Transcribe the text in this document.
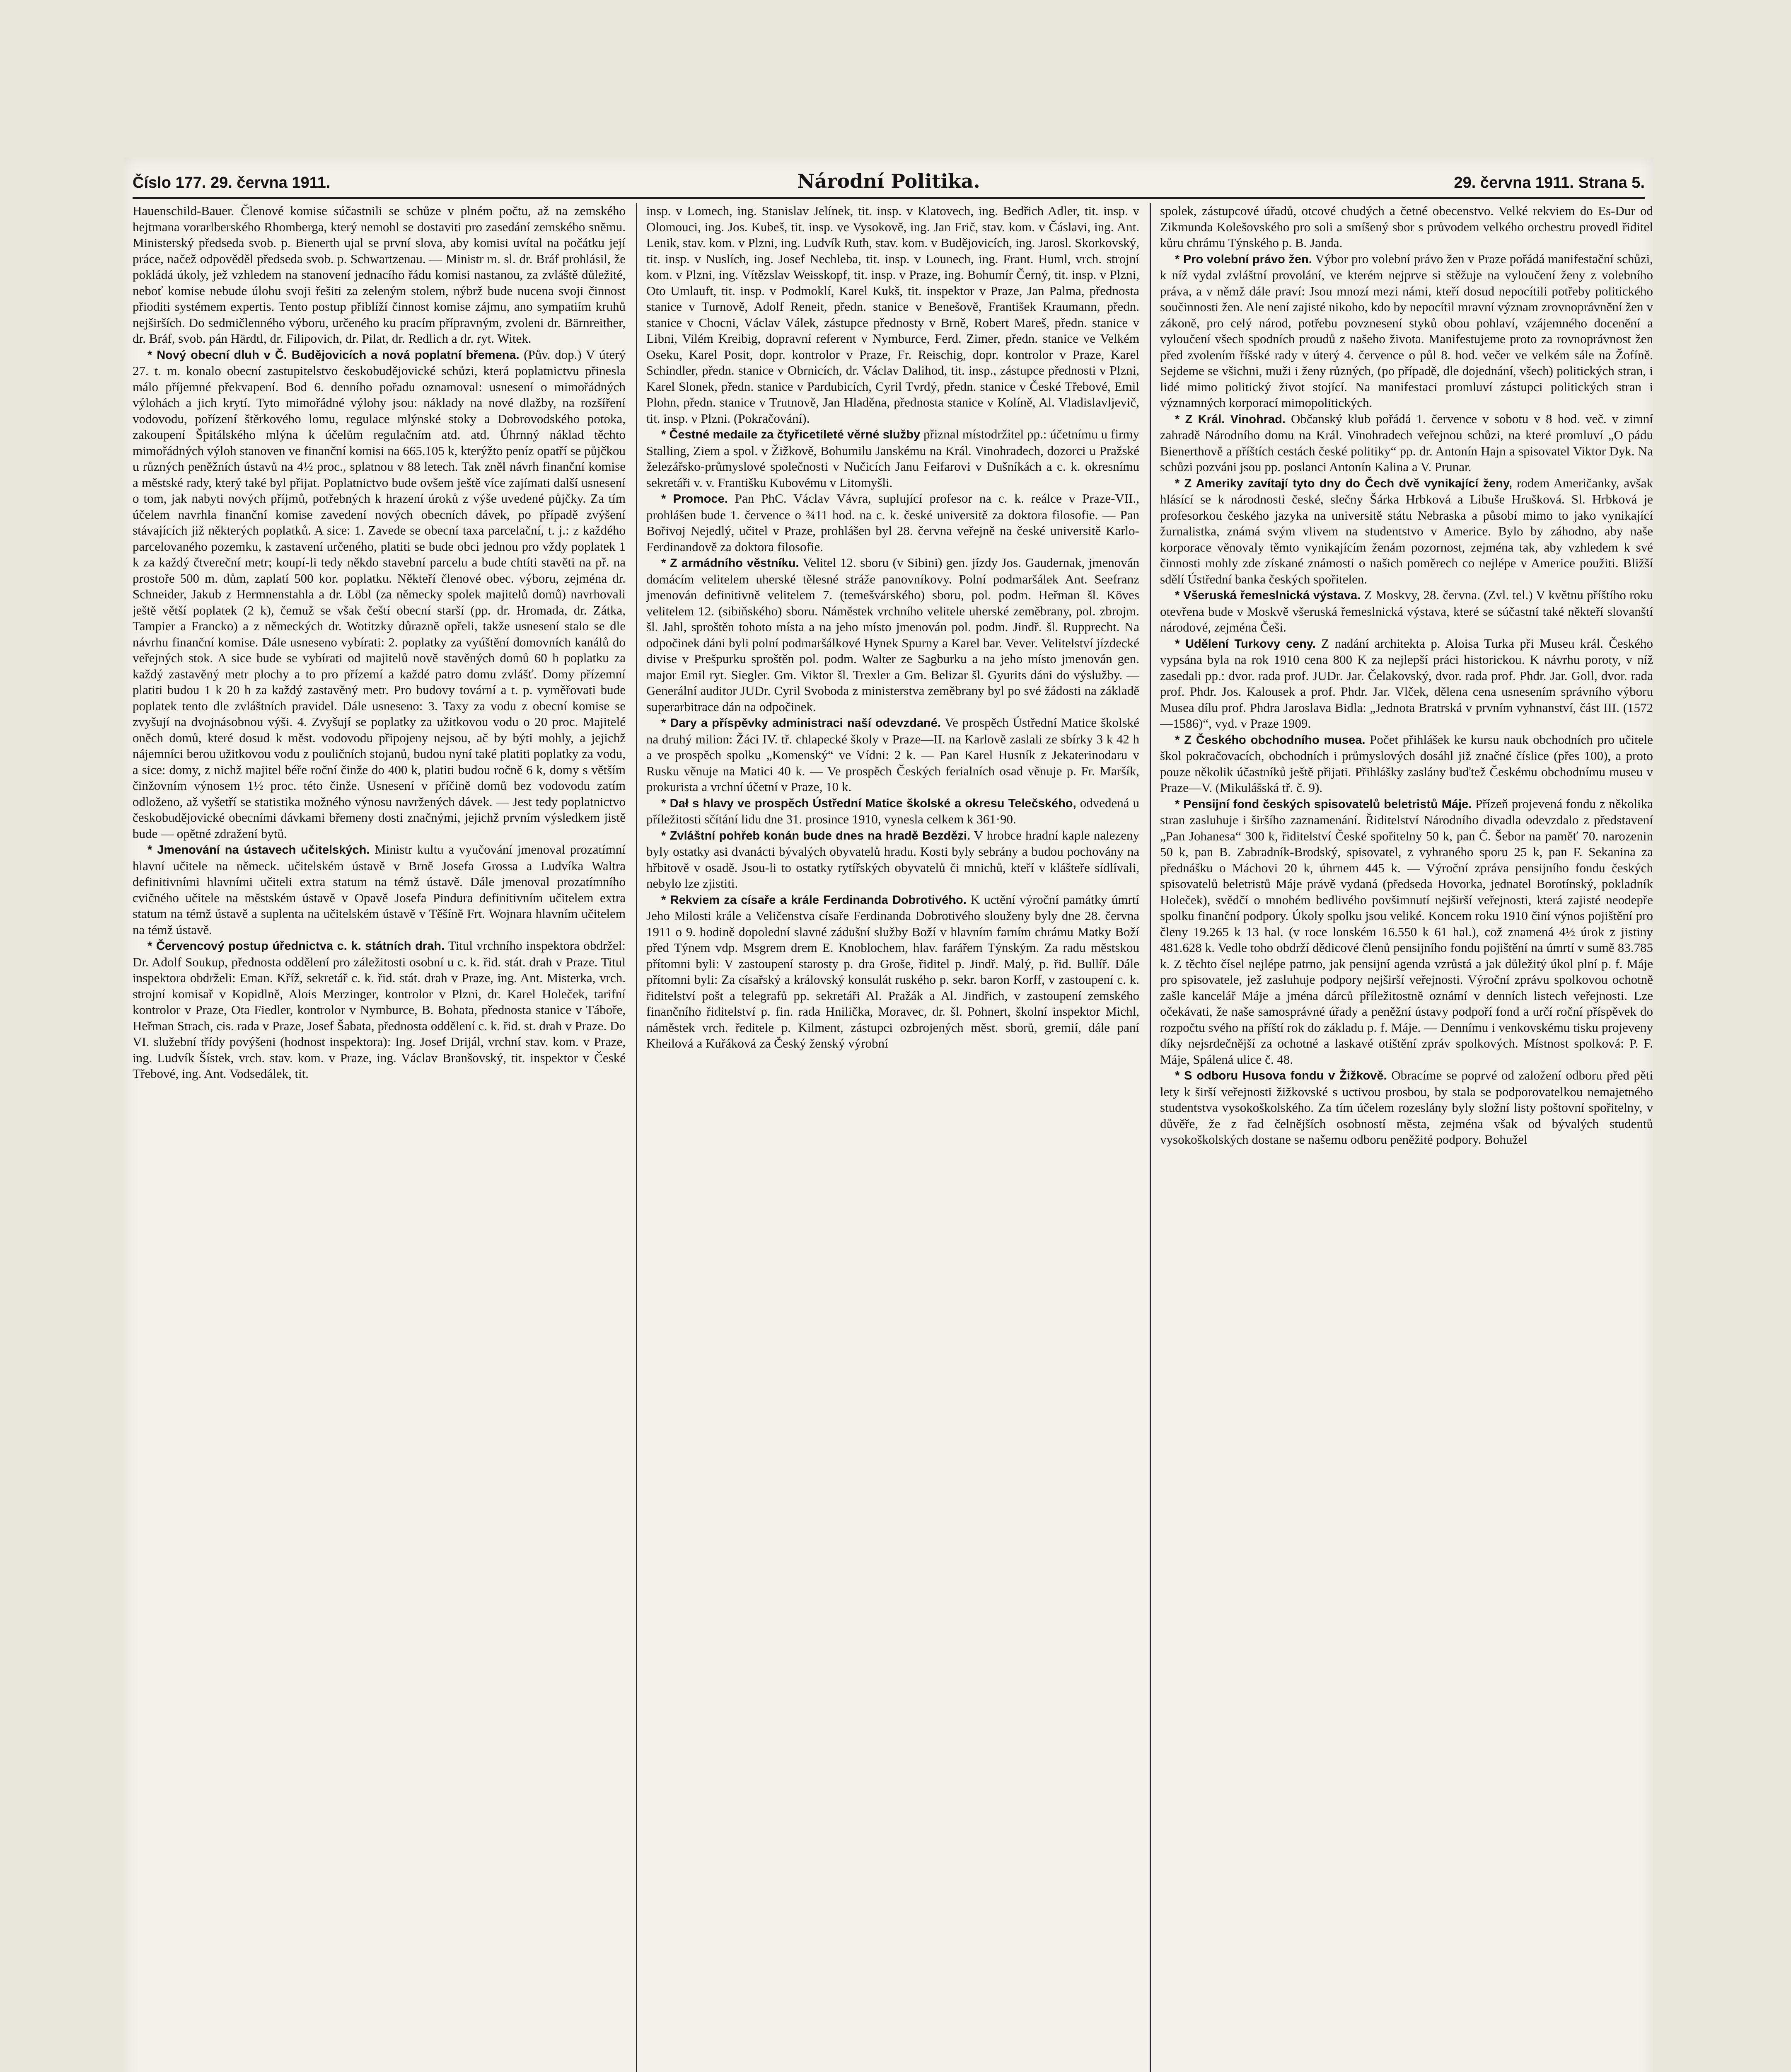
Číslo 177. 29. června 1911.	Národní Politika.	29. června 1911. Strana 5.

Hauenschild-Bauer. Členové komise súčastnili se schůze v plném počtu, až na zemského hejtmana vorarlberského Rhomberga, který nemohl se dostaviti pro zasedání zemského sněmu. Ministerský předseda svob. p. Bienerth ujal se první slova, aby komisi uvítal na počátku její práce, načež odpověděl předseda svob. p. Schwartzenau. — Ministr m. sl. dr. Bráf prohlásil, že pokládá úkoly, jež vzhledem na stanovení jednacího řádu komisi nastanou, za zvláště důležité, neboť komise nebude úlohu svoji řešiti za zeleným stolem, nýbrž bude nucena svoji činnost přioditi systémem expertis. Tento postup přiblíží činnost komise zájmu, ano sympatiím kruhů nejširších. Do sedmičlenného výboru, určeného ku pracím přípravným, zvoleni dr. Bärnreither, dr. Bráf, svob. pán Härdtl, dr. Filipovich, dr. Pilat, dr. Redlich a dr. ryt. Witek.

* Nový obecní dluh v Č. Budějovicích a nová poplatní břemena. (Pův. dop.) V úterý 27. t. m. konalo obecní zastupitelstvo českobudějovické schůzi, která poplatnictvu přinesla málo příjemné překvapení. Bod 6. denního pořadu oznamoval: usnesení o mimořádných výlohách a jich krytí. Tyto mimořádné výlohy jsou: náklady na nové dlažby, na rozšíření vodovodu, pořízení štěrkového lomu, regulace mlýnské stoky a Dobrovodského potoka, zakoupení Špitálského mlýna k účelům regulačním atd. atd. Úhrnný náklad těchto mimořádných výloh stanoven ve finanční komisi na 665.105 k, kterýžto peníz opatří se půjčkou u různých peněžních ústavů na 4½ proc., splatnou v 88 letech. Tak zněl návrh finanční komise a městské rady, který také byl přijat. Poplatnictvo bude ovšem ještě více zajímati další usnesení o tom, jak nabyti nových příjmů, potřebných k hrazení úroků z výše uvedené půjčky. Za tím účelem navrhla finanční komise zavedení nových obecních dávek, po případě zvýšení stávajících již některých poplatků. A sice: 1. Zavede se obecní taxa parcelační, t. j.: z každého parcelovaného pozemku, k zastavení určeného, platiti se bude obci jednou pro vždy poplatek 1 k za každý čtvereční metr; koupí-li tedy někdo stavební parcelu a bude chtíti stavěti na př. na prostoře 500 m. dům, zaplatí 500 kor. poplatku. Někteří členové obec. výboru, zejména dr. Schneider, Jakub z Hermnenstahla a dr. Löbl (za německy spolek majitelů domů) navrhovali ještě větší poplatek (2 k), čemuž se však čeští obecní starší (pp. dr. Hromada, dr. Zátka, Tampier a Francko) a z německých dr. Wotitzky důrazně opřeli, takže usnesení stalo se dle návrhu finanční komise. Dále usneseno vybírati: 2. poplatky za vyúštění domovních kanálů do veřejných stok. A sice bude se vybírati od majitelů nově stavěných domů 60 h poplatku za každý zastavěný metr plochy a to pro přízemí a každé patro domu zvlášť. Domy přízemní platiti budou 1 k 20 h za každý zastavěný metr. Pro budovy tovární a t. p. vyměřovati bude poplatek tento dle zvláštních pravidel. Dále usneseno: 3. Taxy za vodu z obecní komise se zvyšují na dvojnásobnou výši. 4. Zvyšují se poplatky za užitkovou vodu o 20 proc. Majitelé oněch domů, které dosud k měst. vodovodu připojeny nejsou, ač by býti mohly, a jejichž nájemníci berou užitkovou vodu z pouličních stojanů, budou nyní také platiti poplatky za vodu, a sice: domy, z nichž majitel béře roční činže do 400 k, platiti budou ročně 6 k, domy s větším činžovním výnosem 1½ proc. této činže. Usnesení v příčině domů bez vodovodu zatím odloženo, až vyšetří se statistika možného výnosu navržených dávek. — Jest tedy poplatnictvo českobudějovické obecními dávkami břemeny dosti značnými, jejichž prvním výsledkem jistě bude — opětné zdražení bytů.

* Jmenování na ústavech učitelských. Ministr kultu a vyučování jmenoval prozatímní hlavní učitele na německ. učitelském ústavě v Brně Josefa Grossa a Ludvíka Waltra definitivními hlavními učiteli extra statum na témž ústavě. Dále jmenoval prozatímního cvičného učitele na městském ústavě v Opavě Josefa Pindura definitivním učitelem extra statum na témž ústavě a suplenta na učitelském ústavě v Těšíně Frt. Wojnara hlavním učitelem na témž ústavě.

* Červencový postup úřednictva c. k. státních drah. Titul vrchního inspektora obdržel: Dr. Adolf Soukup, přednosta oddělení pro záležitosti osobní u c. k. řid. stát. drah v Praze. Titul inspektora obdrželi: Eman. Kříž, sekretář c. k. řid. stát. drah v Praze, ing. Ant. Misterka, vrch. strojní komisař v Kopidlně, Alois Merzinger, kontrolor v Plzni, dr. Karel Holeček, tarifní kontrolor v Praze, Ota Fiedler, kontrolor v Nymburce, B. Bohata, přednosta stanice v Táboře, Heřman Strach, cis. rada v Praze, Josef Šabata, přednosta oddělení c. k. řid. st. drah v Praze. Do VI. služební třídy povýšeni (hodnost inspektora): Ing. Josef Drijál, vrchní stav. kom. v Praze, ing. Ludvík Šístek, vrch. stav. kom. v Praze, ing. Václav Branšovský, tit. inspektor v České Třebové, ing. Ant. Vodsedálek, tit.

insp. v Lomech, ing. Stanislav Jelínek, tit. insp. v Klatovech, ing. Bedřich Adler, tit. insp. v Olomouci, ing. Jos. Kubeš, tit. insp. ve Vysokově, ing. Jan Frič, stav. kom. v Čáslavi, ing. Ant. Lenik, stav. kom. v Plzni, ing. Ludvík Ruth, stav. kom. v Budějovicích, ing. Jarosl. Skorkovský, tit. insp. v Nuslích, ing. Josef Nechleba, tit. insp. v Lounech, ing. Frant. Huml, vrch. strojní kom. v Plzni, ing. Vítězslav Weisskopf, tit. insp. v Praze, ing. Bohumír Černý, tit. insp. v Plzni, Oto Umlauft, tit. insp. v Podmoklí, Karel Kukš, tit. inspektor v Praze, Jan Palma, přednosta stanice v Turnově, Adolf Reneit, předn. stanice v Benešově, František Kraumann, předn. stanice v Chocni, Václav Válek, zástupce přednosty v Brně, Robert Mareš, předn. stanice v Libni, Vilém Kreibig, dopravní referent v Nymburce, Ferd. Zimer, předn. stanice ve Velkém Oseku, Karel Posit, dopr. kontrolor v Praze, Fr. Reischig, dopr. kontrolor v Praze, Karel Schindler, předn. stanice v Obrnicích, dr. Václav Dalihod, tit. insp., zástupce přednosti v Plzni, Karel Slonek, předn. stanice v Pardubicích, Cyril Tvrdý, předn. stanice v České Třebové, Emil Plohn, předn. stanice v Trutnově, Jan Hladěna, přednosta stanice v Kolíně, Al. Vladislavljevič, tit. insp. v Plzni. (Pokračování).

* Čestné medaile za čtyřicetileté věrné služby přiznal místodržitel pp.: účetnímu u firmy Stalling, Ziem a spol. v Žižkově, Bohumilu Janskému na Král. Vinohradech, dozorci u Pražské železářsko-průmyslové společnosti v Nučicích Janu Feifarovi v Dušníkách a c. k. okresnímu sekretáři v. v. Františku Kubovému v Litomyšli.

* Promoce. Pan PhC. Václav Vávra, suplující profesor na c. k. reálce v Praze-VII., prohlášen bude 1. července o ¾11 hod. na c. k. české universitě za doktora filosofie. — Pan Bořivoj Nejedlý, učitel v Praze, prohlášen byl 28. června veřejně na české universitě Karlo-Ferdinandově za doktora filosofie.

* Z armádního věstníku. Velitel 12. sboru (v Sibini) gen. jízdy Jos. Gaudernak, jmenován domácím velitelem uherské tělesné stráže panovníkovy. Polní podmaršálek Ant. Seefranz jmenován definitivně velitelem 7. (temešvárského) sboru, pol. podm. Heřman šl. Köves velitelem 12. (sibiňského) sboru. Náměstek vrchního velitele uherské zeměbrany, pol. zbrojm. šl. Jahl, sproštěn tohoto místa a na jeho místo jmenován pol. podm. Jindř. šl. Rupprecht. Na odpočinek dáni byli polní podmaršálkové Hynek Spurny a Karel bar. Vever. Velitelství jízdecké divise v Prešpurku sproštěn pol. podm. Walter ze Sagburku a na jeho místo jmenován gen. major Emil ryt. Siegler. Gm. Viktor šl. Trexler a Gm. Belizar šl. Gyurits dáni do výslužby. — Generální auditor JUDr. Cyril Svoboda z ministerstva zeměbrany byl po své žádosti na základě superarbitrace dán na odpočinek.

* Dary a příspěvky administraci naší odevzdané. Ve prospěch Ústřední Matice školské na druhý milion: Žáci IV. tř. chlapecké školy v Praze—II. na Karlově zaslali ze sbírky 3 k 42 h a ve prospěch spolku „Komenský“ ve Vídni: 2 k. — Pan Karel Husník z Jekaterinodaru v Rusku věnuje na Matici 40 k. — Ve prospěch Českých ferialních osad věnuje p. Fr. Maršík, prokurista a vrchní účetní v Praze, 10 k.

* Dał s hlavy ve prospěch Ústřední Matice školské a okresu Telečského, odvedená u příležitosti sčítání lidu dne 31. prosince 1910, vynesla celkem k 361·90.

* Zvláštní pohřeb konán bude dnes na hradě Bezdězi. V hrobce hradní kaple nalezeny byly ostatky asi dvanácti bývalých obyvatelů hradu. Kosti byly sebrány a budou pochovány na hřbitově v osadě. Jsou-li to ostatky rytířských obyvatelů či mnichů, kteří v klášteře sídlívali, nebylo lze zjistiti.

* Rekviem za císaře a krále Ferdinanda Dobrotivého. K uctění výroční památky úmrtí Jeho Milosti krále a Veličenstva císaře Ferdinanda Dobrotivého slouženy byly dne 28. června 1911 o 9. hodině dopolední slavné zádušní služby Boží v hlavním farním chrámu Matky Boží před Týnem vdp. Msgrem drem E. Knoblochem, hlav. farářem Týnským. Za radu městskou přítomni byli: V zastoupení starosty p. dra Groše, řiditel p. Jindř. Malý, p. řid. Bullíř. Dále přítomni byli: Za císařský a královský konsulát ruského p. sekr. baron Korff, v zastoupení c. k. řiditelství pošt a telegrafů pp. sekretáři Al. Pražák a Al. Jindřich, v zastoupení zemského finančního řiditelství p. fin. rada Hnilička, Moravec, dr. šl. Pohnert, školní inspektor Michl, náměstek vrch. ředitele p. Kilment, zástupci ozbrojených měst. sborů, gremií, dále paní Kheilová a Kuřáková za Český ženský výrobní

spolek, zástupcové úřadů, otcové chudých a četné obecenstvo. Velké rekviem do Es-Dur od Zikmunda Kolešovského pro soli a smíšený sbor s průvodem velkého orchestru provedl řiditel kůru chrámu Týnského p. B. Janda.

* Pro volební právo žen. Výbor pro volební právo žen v Praze pořádá manifestační schůzi, k níž vydal zvláštní provolání, ve kterém nejprve si stěžuje na vyloučení ženy z volebního práva, a v němž dále praví: Jsou mnozí mezi námi, kteří dosud nepocítili potřeby politického součinnosti žen. Ale není zajisté nikoho, kdo by nepocítil mravní význam zrovnoprávnění žen v zákoně, pro celý národ, potřebu povznesení styků obou pohlaví, vzájemného docenění a vyloučení všech spodních proudů z našeho života. Manifestujeme proto za rovnoprávnost žen před zvolením říšské rady v úterý 4. července o půl 8. hod. večer ve velkém sále na Žofíně. Sejdeme se všichni, muži i ženy různých, (po případě, dle dojednání, všech) politických stran, i lidé mimo politický život stojící. Na manifestaci promluví zástupci politických stran i významných korporací mimopolitických.

* Z Král. Vinohrad. Občanský klub pořádá 1. července v sobotu v 8 hod. več. v zimní zahradě Národního domu na Král. Vinohradech veřejnou schůzi, na které promluví „O pádu Bienerthově a příštích cestách české politiky“ pp. dr. Antonín Hajn a spisovatel Viktor Dyk. Na schůzi pozváni jsou pp. poslanci Antonín Kalina a V. Prunar.

* Z Ameriky zavítají tyto dny do Čech dvě vynikající ženy, rodem Američanky, avšak hlásící se k národnosti české, slečny Šárka Hrbková a Libuše Hrušková. Sl. Hrbková je profesorkou českého jazyka na universitě státu Nebraska a působí mimo to jako vynikající žurnalistka, známá svým vlivem na studentstvo v Americe. Bylo by záhodno, aby naše korporace věnovaly těmto vynikajícím ženám pozornost, zejména tak, aby vzhledem k své činnosti mohly zde získané známosti o našich poměrech co nejlépe v Americe použiti. Bližší sdělí Ústřední banka českých spořitelen.

* Všeruská řemeslnická výstava. Z Moskvy, 28. června. (Zvl. tel.) V květnu příštího roku otevřena bude v Moskvě všeruská řemeslnická výstava, které se súčastní také někteří slovanští národové, zejména Češi.

* Udělení Turkovy ceny. Z nadání architekta p. Aloisa Turka při Museu král. Českého vypsána byla na rok 1910 cena 800 K za nejlepší práci historickou. K návrhu poroty, v níž zasedali pp.: dvor. rada prof. JUDr. Jar. Čelakovský, dvor. rada prof. Phdr. Jar. Goll, dvor. rada prof. Phdr. Jos. Kalousek a prof. Phdr. Jar. Vlček, dělena cena usnesením správního výboru Musea dílu prof. Phdra Jaroslava Bidla: „Jednota Bratrská v prvním vyhnanství, část III. (1572—1586)“, vyd. v Praze 1909.

* Z Českého obchodního musea. Počet přihlášek ke kursu nauk obchodních pro učitele škol pokračovacích, obchodních i průmyslových dosáhl již značné číslice (přes 100), a proto pouze několik účastníků ještě přijati. Přihlášky zaslány buďtež Českému obchodnímu museu v Praze—V. (Mikulášská tř. č. 9).

* Pensijní fond českých spisovatelů beletristů Máje. Přízeň projevená fondu z několika stran zasluhuje i širšího zaznamenání. Řiditelství Národního divadla odevzdalo z představení „Pan Johanesa“ 300 k, řiditelství České spořitelny 50 k, pan Č. Šebor na paměť 70. narozenin 50 k, pan B. Zabradník-Brodský, spisovatel, z vyhraného sporu 25 k, pan F. Sekanina za přednášku o Máchovi 20 k, úhrnem 445 k. — Výroční zpráva pensijního fondu českých spisovatelů beletristů Máje právě vydaná (předseda Hovorka, jednatel Borotínský, pokladník Holeček), svědčí o mnohém bedlivého povšimnutí nejširší veřejnosti, která zajisté neodepře spolku finanční podpory. Úkoly spolku jsou veliké. Koncem roku 1910 činí výnos pojištění pro členy 19.265 k 13 hal. (v roce lonském 16.550 k 61 hal.), což znamená 4½ úrok z jistiny 481.628 k. Vedle toho obdrží dědicové členů pensijního fondu pojištění na úmrtí v sumě 83.785 k. Z těchto čísel nejlépe patrno, jak pensijní agenda vzrůstá a jak důležitý úkol plní p. f. Máje pro spisovatele, jež zasluhuje podpory nejširší veřejnosti. Výroční zprávu spolkovou ochotně zašle kancelář Máje a jména dárců příležitostně oznámí v denních listech veřejnosti. Lze očekávati, že naše samosprávné úřady a peněžní ústavy podpoří fond a určí roční příspěvek do rozpočtu svého na příští rok do základu p. f. Máje. — Dennímu i venkovskému tisku projeveny díky nejsrdečnější za ochotné a laskavé otištění zpráv spolkových. Místnost spolková: P. F. Máje, Spálená ulice č. 48.

* S odboru Husova fondu v Žižkově. Obracíme se poprvé od založení odboru před pěti lety k širší veřejnosti žižkovské s uctivou prosbou, by stala se podporovatelkou nemajetného studentstva vysokoškolského. Za tím účelem rozeslány byly složní listy poštovní spořitelny, v důvěře, že z řad čelnějších osobností města, zejména však od bývalých studentů vysokoškolských dostane se našemu odboru peněžité podpory. Bohužel
